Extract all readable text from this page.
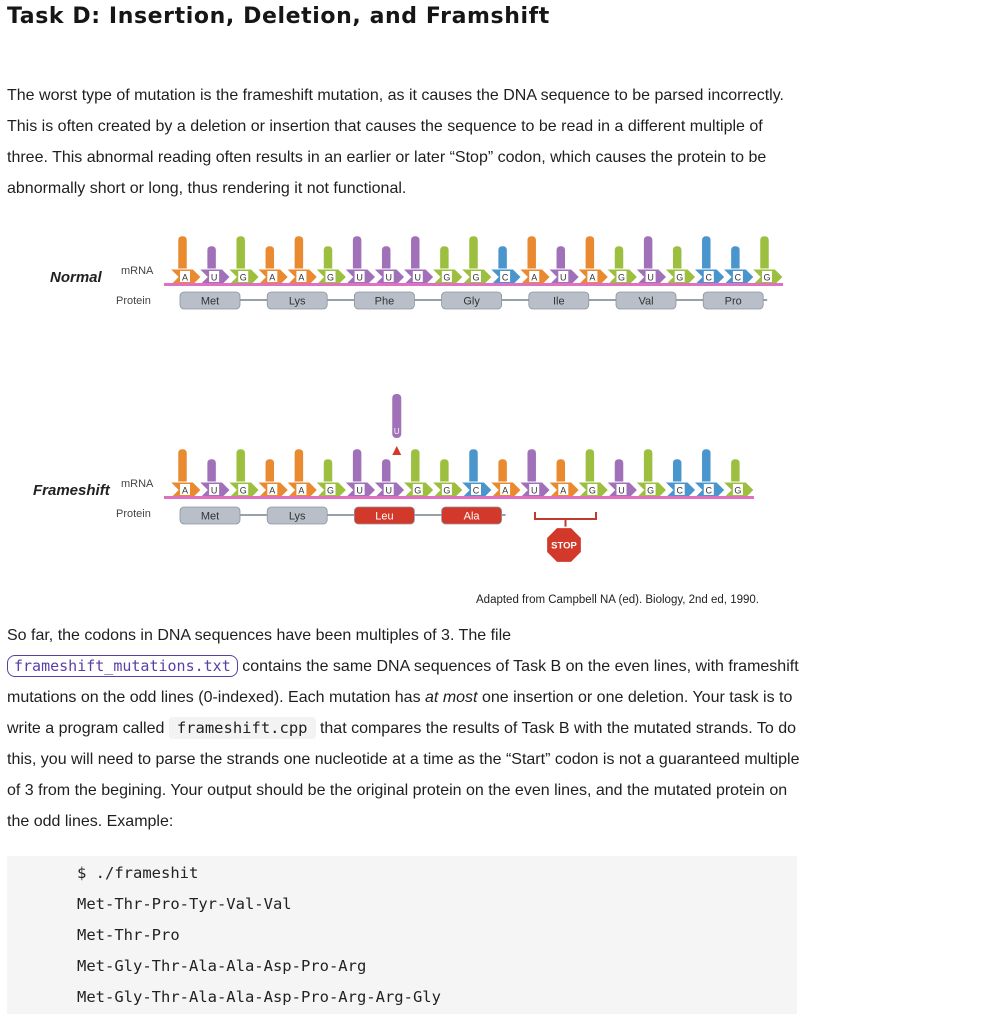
Task D: Insertion, Deletion, and Framshift

The worst type of mutation is the frameshift mutation, as it causes the DNA sequence to be parsed incorrectly. This is often created by a deletion or insertion that causes the sequence to be read in a different multiple of three. This abnormal reading often results in an earlier or later “Stop” codon, which causes the protein to be abnormally short or long, thus rendering it not functional.

Normal mRNA
Protein
A	U G	A	A	G U	U	U G G C	A	U	A	G U G C	C G
Met	Lys	Phe	Gly	Ile	Val	Pro
U
Frameshift mRNA
Protein
A	U G	A	A	G U	U G G C	A	U	A	G U G C	C G
Met	Lys	Leu	Ala
STOP
Adapted from Campbell NA (ed). Biology, 2nd ed, 1990.

So far, the codons in DNA sequences have been multiples of 3. The file
frameshift_mutations.txt contains the same DNA sequences of Task B on the even lines, with frameshift mutations on the odd lines (0-indexed). Each mutation has at most one insertion or one deletion. Your task is to write a program called frameshift.cpp that compares the results of Task B with the mutated strands. To do this, you will need to parse the strands one nucleotide at a time as the “Start” codon is not a guaranteed multiple of 3 from the begining. Your output should be the original protein on the even lines, and the mutated protein on the odd lines. Example:

$ ./frameshit
Met-Thr-Pro-Tyr-Val-Val
Met-Thr-Pro
Met-Gly-Thr-Ala-Ala-Asp-Pro-Arg
Met-Gly-Thr-Ala-Ala-Asp-Pro-Arg-Arg-Gly
